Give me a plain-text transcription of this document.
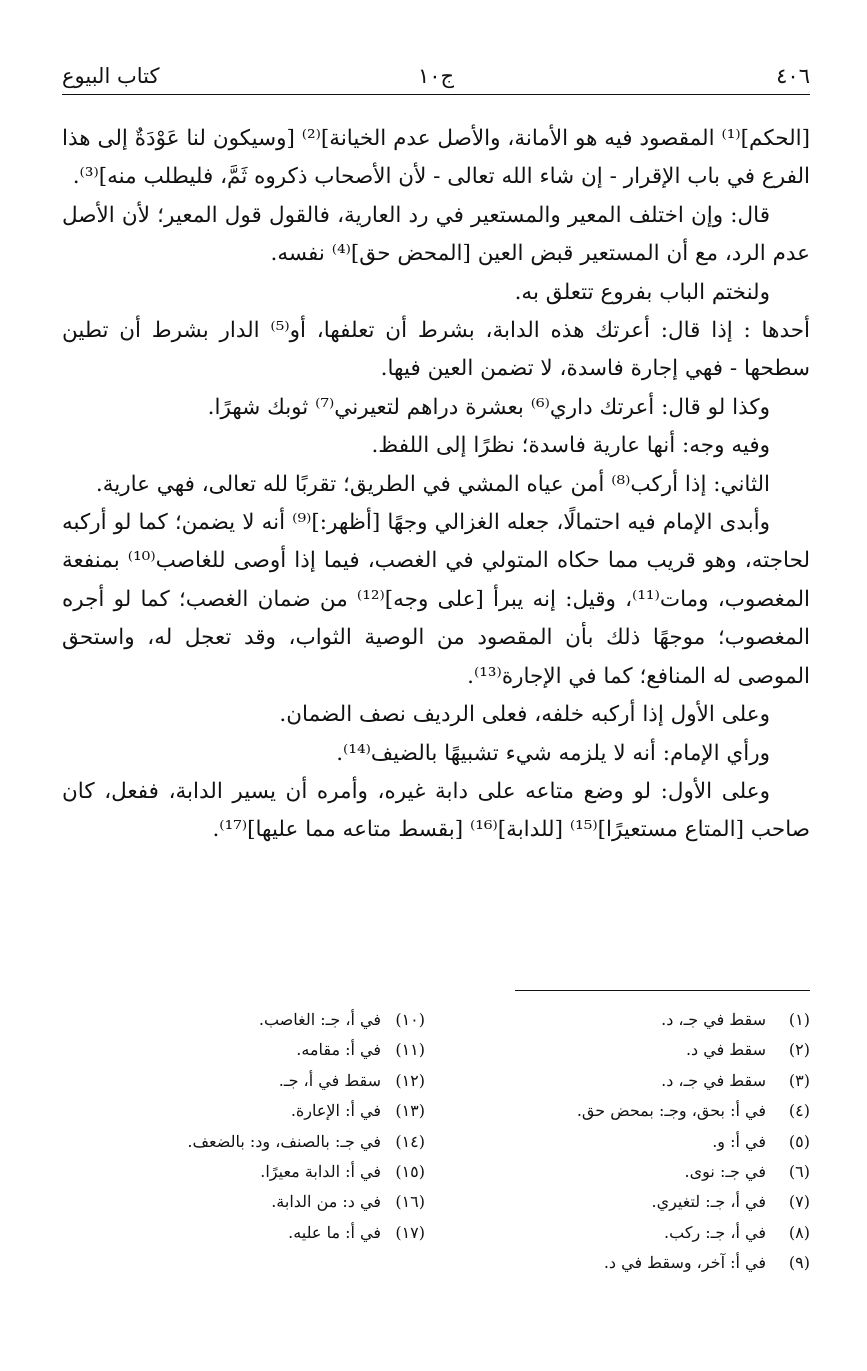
٤٠٦
ج١٠
كتاب البيوع

[الحكم]⁽¹⁾ المقصود فيه هو الأمانة، والأصل عدم الخيانة]⁽²⁾ [وسيكون لنا عَوْدَةٌ إلى هذا الفرع في باب الإقرار - إن شاء الله تعالى - لأن الأصحاب ذكروه ثَمَّ، فليطلب منه]⁽³⁾.

قال: وإن اختلف المعير والمستعير في رد العارية، فالقول قول المعير؛ لأن الأصل عدم الرد، مع أن المستعير قبض العين [المحض حق]⁽⁴⁾ نفسه.

ولنختم الباب بفروع تتعلق به.

أحدها : إذا قال: أعرتك هذه الدابة، بشرط أن تعلفها، أو⁽⁵⁾ الدار بشرط أن تطين سطحها - فهي إجارة فاسدة، لا تضمن العين فيها.

وكذا لو قال: أعرتك داري⁽⁶⁾ بعشرة دراهم لتعيرني⁽⁷⁾ ثوبك شهرًا.

وفيه وجه: أنها عارية فاسدة؛ نظرًا إلى اللفظ.

الثاني: إذا أركب⁽⁸⁾ أمن عياه المشي في الطريق؛ تقربًا لله تعالى، فهي عارية.

وأبدى الإمام فيه احتمالًا، جعله الغزالي وجهًا [أظهر:]⁽⁹⁾ أنه لا يضمن؛ كما لو أركبه لحاجته، وهو قريب مما حكاه المتولي في الغصب، فيما إذا أوصى للغاصب⁽¹⁰⁾ بمنفعة المغصوب، ومات⁽¹¹⁾، وقيل: إنه يبرأ [على وجه]⁽¹²⁾ من ضمان الغصب؛ كما لو أجره المغصوب؛ موجهًا ذلك بأن المقصود من الوصية الثواب، وقد تعجل له، واستحق الموصى له المنافع؛ كما في الإجارة⁽¹³⁾.

وعلى الأول إذا أركبه خلفه، فعلى الرديف نصف الضمان.

ورأي الإمام: أنه لا يلزمه شيء تشبيهًا بالضيف⁽¹⁴⁾.

وعلى الأول: لو وضع متاعه على دابة غيره، وأمره أن يسير الدابة، ففعل، كان صاحب [المتاع مستعيرًا]⁽¹⁵⁾ [للدابة]⁽¹⁶⁾ [بقسط متاعه مما عليها]⁽¹⁷⁾.

(١)سقط في جـ، د.
(٢)سقط في د.
(٣)سقط في جـ، د.
(٤)في أ: بحق، وجـ: بمحض حق.
(٥)في أ: و.
(٦)في جـ: نوى.
(٧)في أ، جـ: لتغيري.
(٨)في أ، جـ: ركب.
(٩)في أ: آخر، وسقط في د.
(١٠)في أ، جـ: الغاصب.
(١١)في أ: مقامه.
(١٢)سقط في أ، جـ.
(١٣)في أ: الإعارة.
(١٤)في جـ: بالصنف، ود: بالضعف.
(١٥)في أ: الدابة معيرًا.
(١٦)في د: من الدابة.
(١٧)في أ: ما عليه.
